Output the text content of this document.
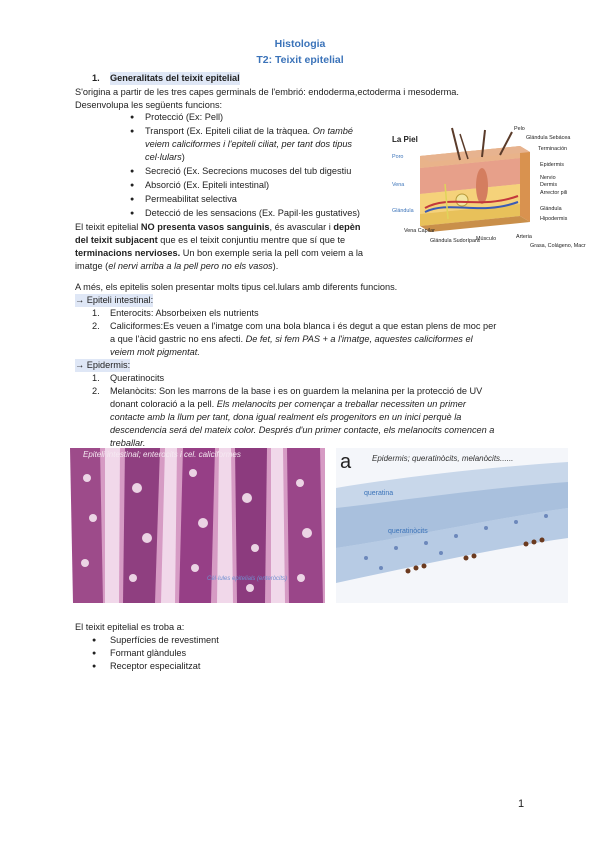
Histologia
T2: Teixit epitelial
1. Generalitats del teixit epitelial
S'origina a partir de les tres capes germinals de l'embrió: endoderma,ectoderma i mesoderma.
Desenvolupa les següents funcions:
● Protecció (Ex: Pell)
● Transport (Ex. Epiteli ciliat de la tràquea. On també
veiem caliciformes i l'epiteli ciliat, per tant dos tipus
cel·lulars)
● Secreció (Ex. Secrecions mucoses del tub digestiu
● Absorció (Ex. Epiteli intestinal)
● Permeabilitat selectiva
● Detecció de les sensacions (Ex. Papil·les gustatives)
El teixit epitelial NO presenta vasos sanguinis, és avascular i depèn
del teixit subjacent que es el teixit conjuntiu mentre que sí que te
terminacions nervioses. Un bon exemple seria la pell com veiem a la
imatge (el nervi arriba a la pell pero no els vasos).
La Piel
Pelo
Glándula Sebácea
Terminación
Epidermis
Nervio
Dermis
Arrector pili
Glándula
Hipodermis
Arteria
Grasa, Colágeno, Macr
Poro
Vena
Glándula
Vena Capilar
Glándula Sudorípara
Músculo
A més, els epitelis solen presentar molts tipus cel.lulars amb diferents funcions.
→ Epiteli intestinal:
1. Enterocits: Absorbeixen els nutrients
2. Caliciformes:Es veuen a l'imatge com una bola blanca i és degut a que estan plens de moc per
a que l'àcid gastric no ens afecti. De fet, si fem PAS + a l'imatge, aquestes caliciformes el
veiem molt pigmentat.
→ Epidermis:
1. Queratinocits
2. Melanòcits: Son les marrons de la base i es on guardem la melanina per la protecció de UV
donant coloració a la pell. Els melanocits per començar a treballar necessiten un primer
contacte amb la llum per tant, dona igual realment els progenitors en un inici perquè la
descendencia será del mateix color. Després d'un primer contacte, els melanocits comencen a
treballar.
Epiteli intestinal; enterocits i cel. caliciformes
Cèl·lules epitelials (enteròcits)
a	Epidermis; queratinòcits, melanòcits......
queratina
queratinòcits
El teixit epitelial es troba a:
● Superfícies de revestiment
● Formant glàndules
● Receptor especialitzat
1
